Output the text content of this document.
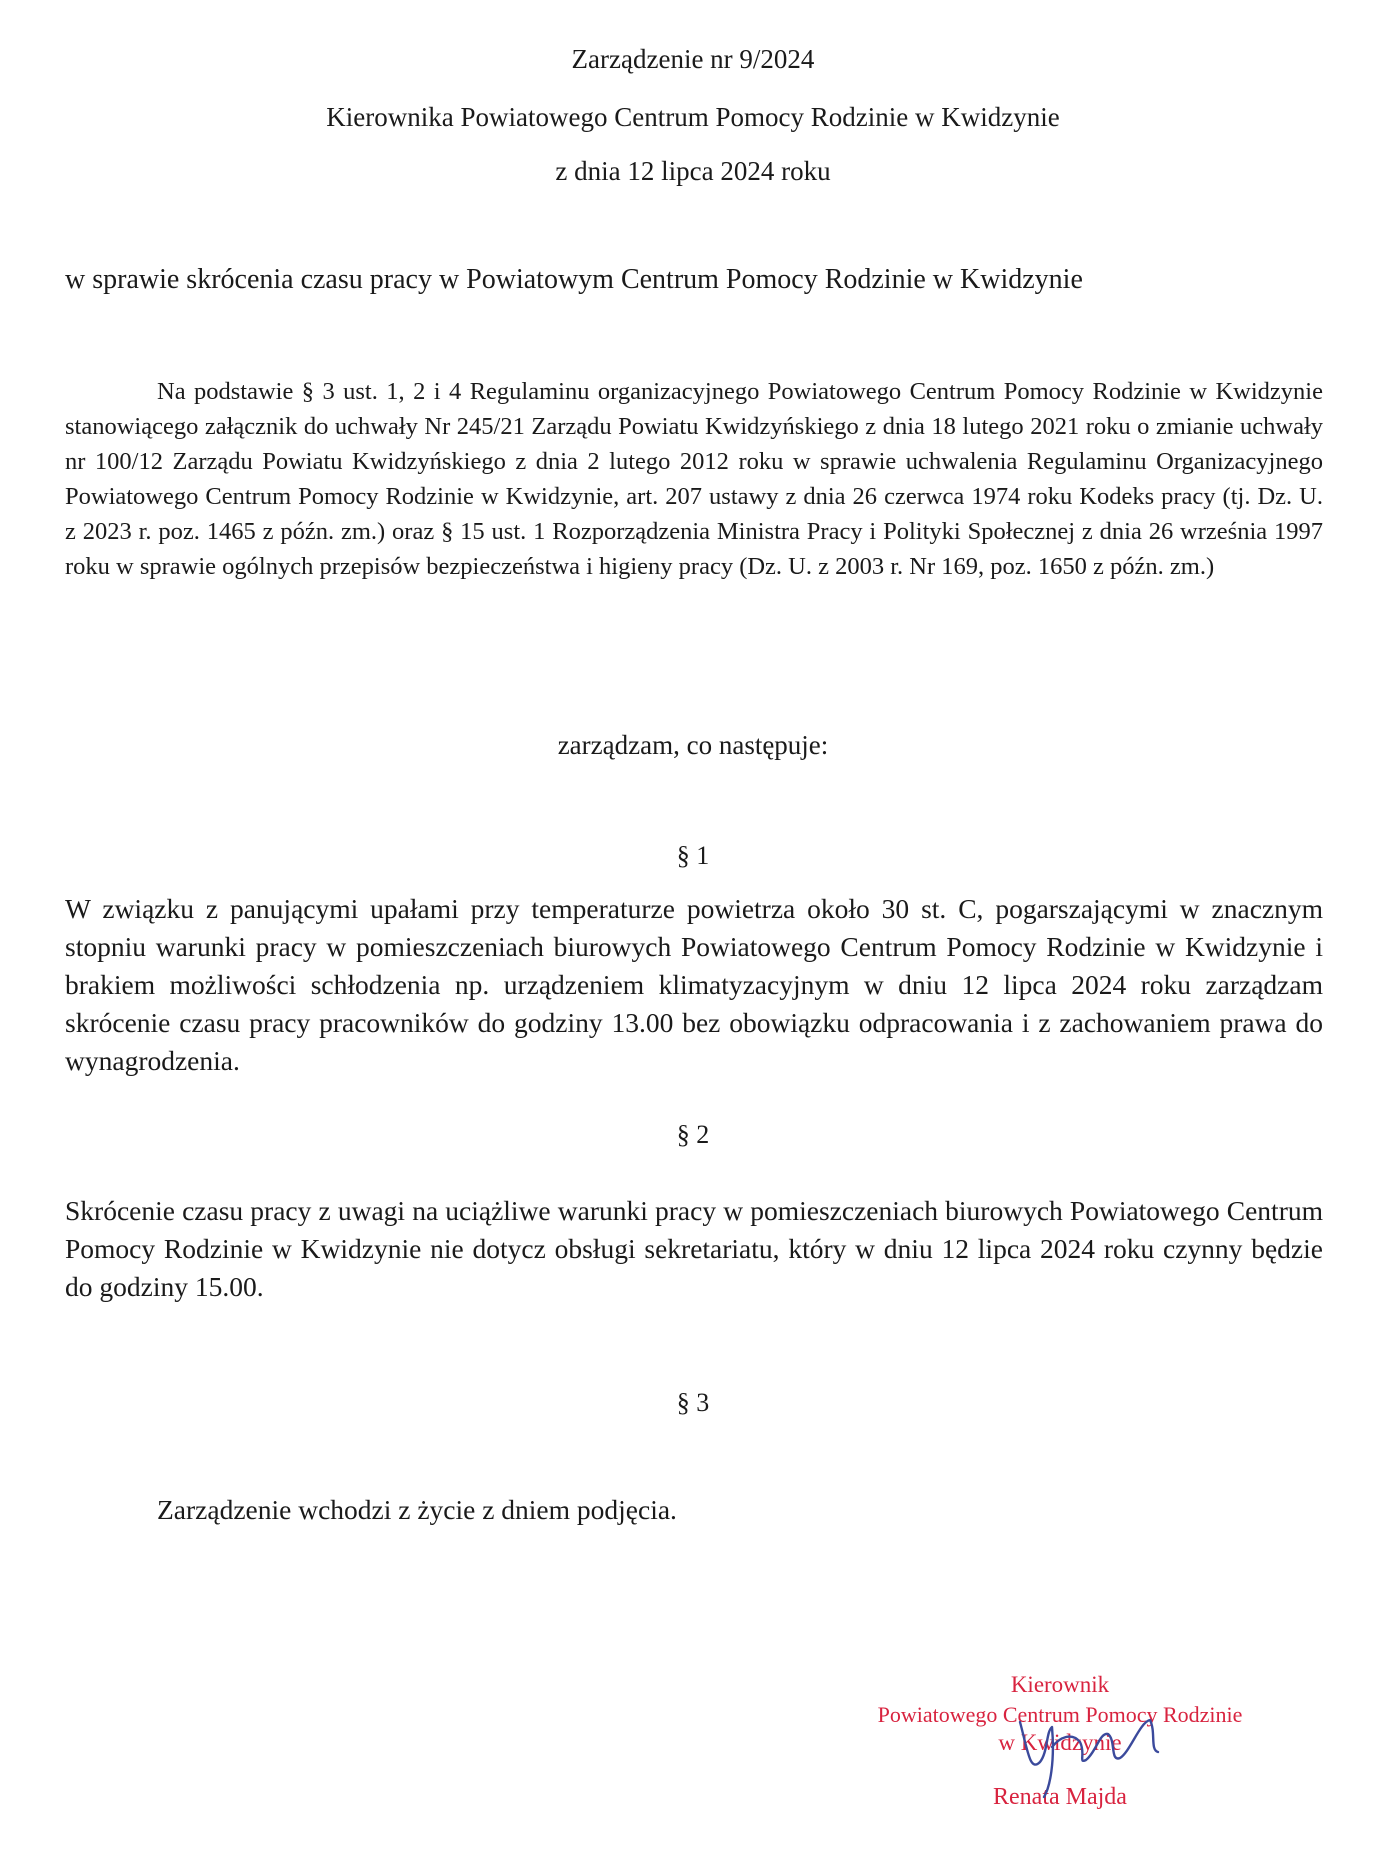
Zarządzenie nr 9/2024
Kierownika Powiatowego Centrum Pomocy Rodzinie w Kwidzynie
z dnia 12 lipca 2024 roku
w sprawie skrócenia czasu pracy w Powiatowym Centrum Pomocy Rodzinie w Kwidzynie
Na podstawie § 3 ust. 1, 2 i 4 Regulaminu organizacyjnego Powiatowego Centrum Pomocy Rodzinie w Kwidzynie stanowiącego załącznik do uchwały Nr 245/21 Zarządu Powiatu Kwidzyńskiego z dnia 18 lutego 2021 roku o zmianie uchwały nr 100/12 Zarządu Powiatu Kwidzyńskiego z dnia 2 lutego 2012 roku w sprawie uchwalenia Regulaminu Organizacyjnego Powiatowego Centrum Pomocy Rodzinie w Kwidzynie, art. 207 ustawy z dnia 26 czerwca 1974 roku Kodeks pracy (tj. Dz. U. z 2023 r. poz. 1465 z późn. zm.) oraz § 15 ust. 1 Rozporządzenia Ministra Pracy i Polityki Społecznej z dnia 26 września 1997 roku w sprawie ogólnych przepisów bezpieczeństwa i higieny pracy (Dz. U. z 2003 r. Nr 169, poz. 1650 z późn. zm.)
zarządzam, co następuje:
§ 1
W związku z panującymi upałami przy temperaturze powietrza około 30 st. C, pogarszającymi w znacznym stopniu warunki pracy w pomieszczeniach biurowych Powiatowego Centrum Pomocy Rodzinie w Kwidzynie i brakiem możliwości schłodzenia np. urządzeniem klimatyzacyjnym w dniu 12 lipca 2024 roku zarządzam skrócenie czasu pracy pracowników do godziny 13.00 bez obowiązku odpracowania i z zachowaniem prawa do wynagrodzenia.
§ 2
Skrócenie czasu pracy z uwagi na uciążliwe warunki pracy w pomieszczeniach biurowych Powiatowego Centrum Pomocy Rodzinie w Kwidzynie nie dotycz obsługi sekretariatu, który w dniu 12 lipca 2024 roku czynny będzie do godziny 15.00.
§ 3
Zarządzenie wchodzi z życie z dniem podjęcia.
Kierownik
Powiatowego Centrum Pomocy Rodzinie
w Kwidzynie
Renata Majda
